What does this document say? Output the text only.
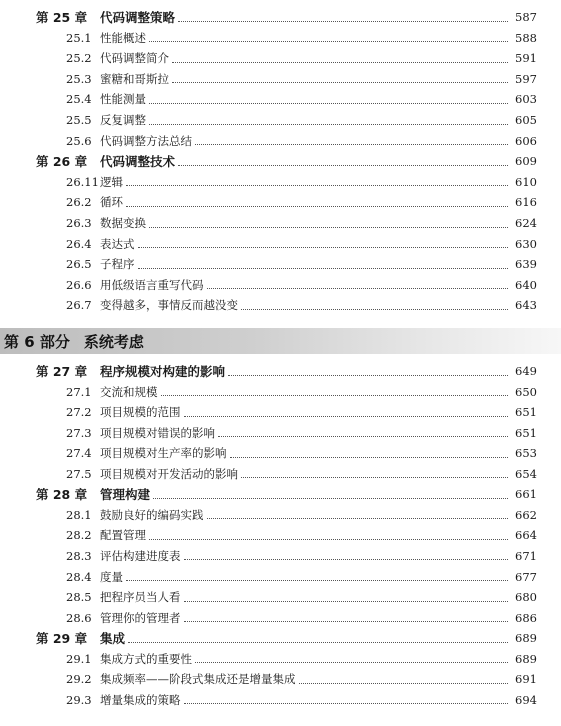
第 6 部分 系统考虑
第 25 章	代码调整策略	587
25.1 性能概述	588
25.2 代码调整简介	591
25.3 蜜糖和哥斯拉	597
25.4 性能测量	603
25.5 反复调整	605
25.6 代码调整方法总结	606
第 26 章	代码调整技术	609
26.11 逻辑	610
26.2 循环	616
26.3 数据变换	624
26.4 表达式	630
26.5 子程序	639
26.6 用低级语言重写代码	640
26.7 变得越多，事情反而越没变	643
第 27 章	程序规模对构建的影响	649
27.1 交流和规模	650
27.2 项目规模的范围	651
27.3 项目规模对错误的影响	651
27.4 项目规模对生产率的影响	653
27.5 项目规模对开发活动的影响	654
第 28 章	管理构建	661
28.1 鼓励良好的编码实践	662
28.2 配置管理	664
28.3 评估构建进度表	671
28.4 度量	677
28.5 把程序员当人看	680
28.6 管理你的管理者	686
第 29 章	集成	689
29.1 集成方式的重要性	689
29.2 集成频率——阶段式集成还是增量集成	691
29.3 增量集成的策略	694
